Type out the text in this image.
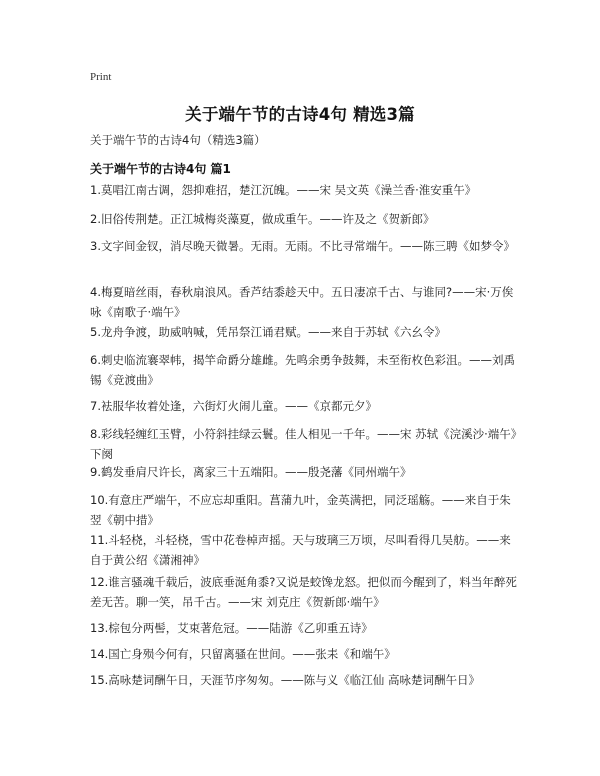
Print
关于端午节的古诗4句 精选3篇
关于端午节的古诗4句（精选3篇）
关于端午节的古诗4句 篇1
1.莫唱江南古调，怨抑难招，楚江沉魄。——宋 吴文英《澡兰香·淮安重午》
2.旧俗传荆楚。正江城梅炎藻夏，做成重午。——许及之《贺新郎》
3.文字间金钗，消尽晚天微暑。无雨。无雨。不比寻常端午。——陈三聘《如梦令》
4.梅夏暗丝雨，春秋扇浪风。香芦结黍趁天中。五日凄凉千古、与谁同?——宋·万俟咏《南歌子·端午》
5.龙舟争渡，助威呐喊，凭吊祭江诵君赋。——来自于苏轼《六幺令》
6.刺史临流褰翠帏，揭竿命爵分雄雌。先鸣余勇争鼓舞，未至衔枚色彩沮。——刘禹锡《竞渡曲》
7.袪服华妆着处逢，六街灯火闹儿童。——《京都元夕》
8.彩线轻缠红玉臂，小符斜挂绿云鬟。佳人相见一千年。——宋 苏轼《浣溪沙·端午》下阕
9.鹤发垂肩尺许长，离家三十五端阳。——殷尧藩《同州端午》
10.有意庄严端午，不应忘却重阳。菖蒲九叶，金英满把，同泛瑶觞。——来自于朱翌《朝中措》
11.斗轻桡，斗轻桡，雪中花卷棹声摇。天与玻璃三万顷，尽叫看得几吴舫。——来自于黄公绍《潇湘神》
12.谁言骚魂千载后，波底垂涎角黍?又说是蛟馋龙怒。把似而今醒到了，料当年醉死差无苦。聊一笑，吊千古。——宋 刘克庄《贺新郎·端午》
13.棕包分两髻，艾束著危冠。——陆游《乙卯重五诗》
14.国亡身殒今何有，只留离骚在世间。——张耒《和端午》
15.高咏楚词酬午日，天涯节序匆匆。——陈与义《临江仙 高咏楚词酬午日》
